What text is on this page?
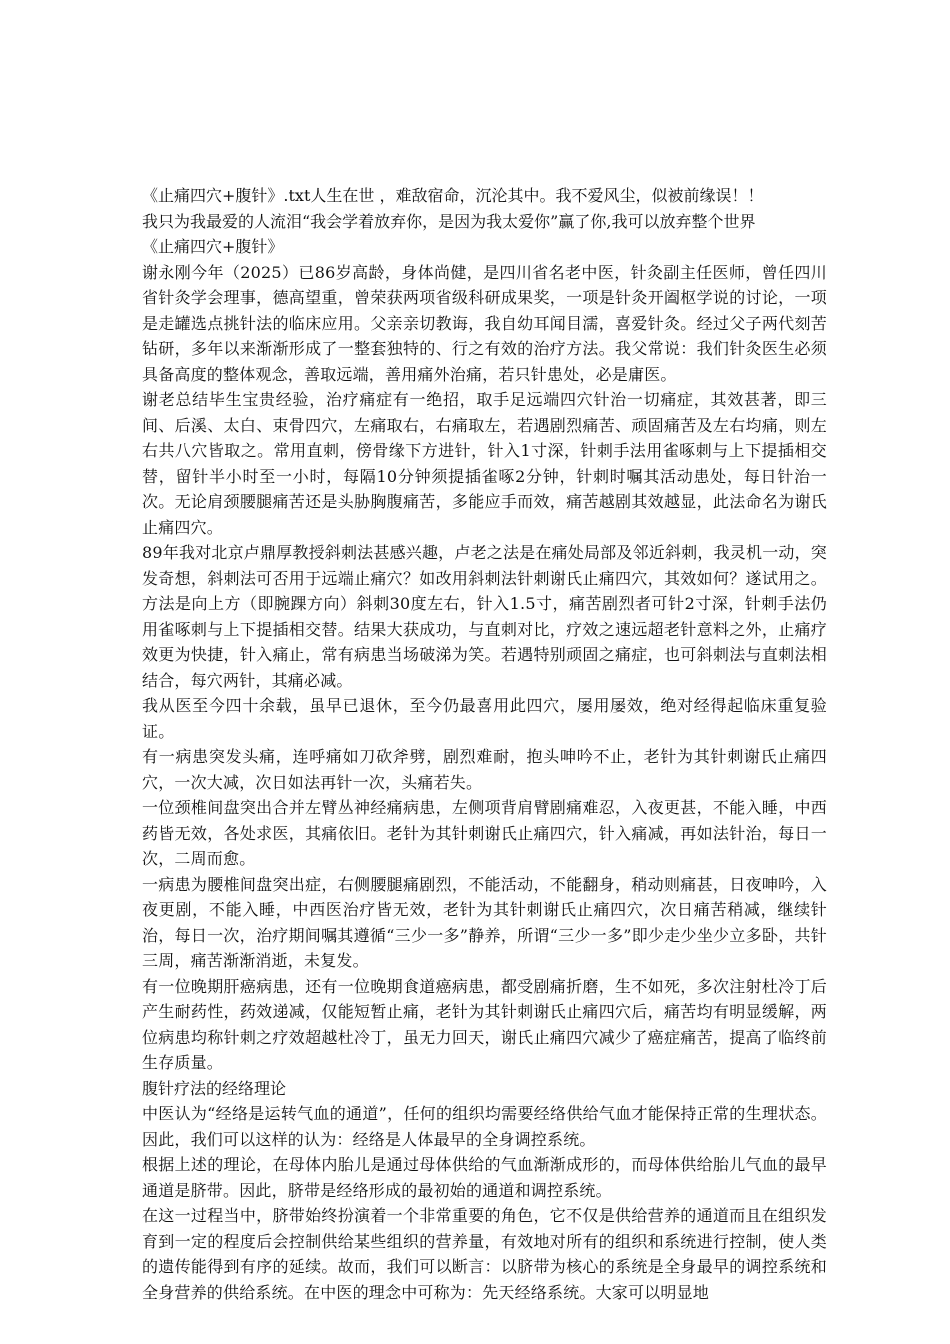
《止痛四穴+腹针》.txt人生在世 ，难敌宿命，沉沦其中。我不爱风尘，似被前缘误！！

我只为我最爱的人流泪“我会学着放弃你，是因为我太爱你”赢了你,我可以放弃整个世界

《止痛四穴+腹针》

谢永刚今年（2025）已86岁高龄，身体尚健，是四川省名老中医，针灸副主任医师，曾任四川省针灸学会理事，德高望重，曾荣获两项省级科研成果奖，一项是针灸开阖枢学说的讨论，一项是走罐选点挑针法的临床应用。父亲亲切教诲，我自幼耳闻目濡，喜爱针灸。经过父子两代刻苦钻研，多年以来渐渐形成了一整套独特的、行之有效的治疗方法。我父常说：我们针灸医生必须具备高度的整体观念，善取远端，善用痛外治痛，若只针患处，必是庸医。

谢老总结毕生宝贵经验，治疗痛症有一绝招，取手足远端四穴针治一切痛症，其效甚著，即三间、后溪、太白、束骨四穴，左痛取右，右痛取左，若遇剧烈痛苦、顽固痛苦及左右均痛，则左右共八穴皆取之。常用直刺，傍骨缘下方进针，针入1寸深，针刺手法用雀啄刺与上下提插相交替，留针半小时至一小时，每隔10分钟须提插雀啄2分钟，针刺时嘱其活动患处，每日针治一次。无论肩颈腰腿痛苦还是头胁胸腹痛苦，多能应手而效，痛苦越剧其效越显，此法命名为谢氏止痛四穴。

89年我对北京卢鼎厚教授斜刺法甚感兴趣，卢老之法是在痛处局部及邻近斜刺，我灵机一动，突发奇想，斜刺法可否用于远端止痛穴？如改用斜刺法针刺谢氏止痛四穴，其效如何？遂试用之。方法是向上方（即腕踝方向）斜刺30度左右，针入1.5寸，痛苦剧烈者可针2寸深，针刺手法仍用雀啄刺与上下提插相交替。结果大获成功，与直刺对比，疗效之速远超老针意料之外，止痛疗效更为快捷，针入痛止，常有病患当场破涕为笑。若遇特别顽固之痛症，也可斜刺法与直刺法相结合，每穴两针，其痛必减。

我从医至今四十余载，虽早已退休，至今仍最喜用此四穴，屡用屡效，绝对经得起临床重复验证。

有一病患突发头痛，连呼痛如刀砍斧劈，剧烈难耐，抱头呻吟不止，老针为其针刺谢氏止痛四穴，一次大减，次日如法再针一次，头痛若失。

一位颈椎间盘突出合并左臂丛神经痛病患，左侧项背肩臂剧痛难忍，入夜更甚，不能入睡，中西药皆无效，各处求医，其痛依旧。老针为其针刺谢氏止痛四穴，针入痛减，再如法针治，每日一次，二周而愈。

一病患为腰椎间盘突出症，右侧腰腿痛剧烈，不能活动，不能翻身，稍动则痛甚，日夜呻吟，入夜更剧，不能入睡，中西医治疗皆无效，老针为其针刺谢氏止痛四穴，次日痛苦稍减，继续针治，每日一次，治疗期间嘱其遵循“三少一多”静养，所谓“三少一多”即少走少坐少立多卧，共针三周，痛苦渐渐消逝，未复发。

有一位晚期肝癌病患，还有一位晚期食道癌病患，都受剧痛折磨，生不如死，多次注射杜冷丁后产生耐药性，药效递减，仅能短暂止痛，老针为其针刺谢氏止痛四穴后，痛苦均有明显缓解，两位病患均称针刺之疗效超越杜冷丁，虽无力回天，谢氏止痛四穴减少了癌症痛苦，提高了临终前生存质量。

腹针疗法的经络理论

中医认为“经络是运转气血的通道”，任何的组织均需要经络供给气血才能保持正常的生理状态。因此，我们可以这样的认为：经络是人体最早的全身调控系统。

根据上述的理论，在母体内胎儿是通过母体供给的气血渐渐成形的，而母体供给胎儿气血的最早通道是脐带。因此，脐带是经络形成的最初始的通道和调控系统。

在这一过程当中，脐带始终扮演着一个非常重要的角色，它不仅是供给营养的通道而且在组织发育到一定的程度后会控制供给某些组织的营养量，有效地对所有的组织和系统进行控制，使人类的遗传能得到有序的延续。故而，我们可以断言：以脐带为核心的系统是全身最早的调控系统和全身营养的供给系统。在中医的理念中可称为：先天经络系统。大家可以明显地
